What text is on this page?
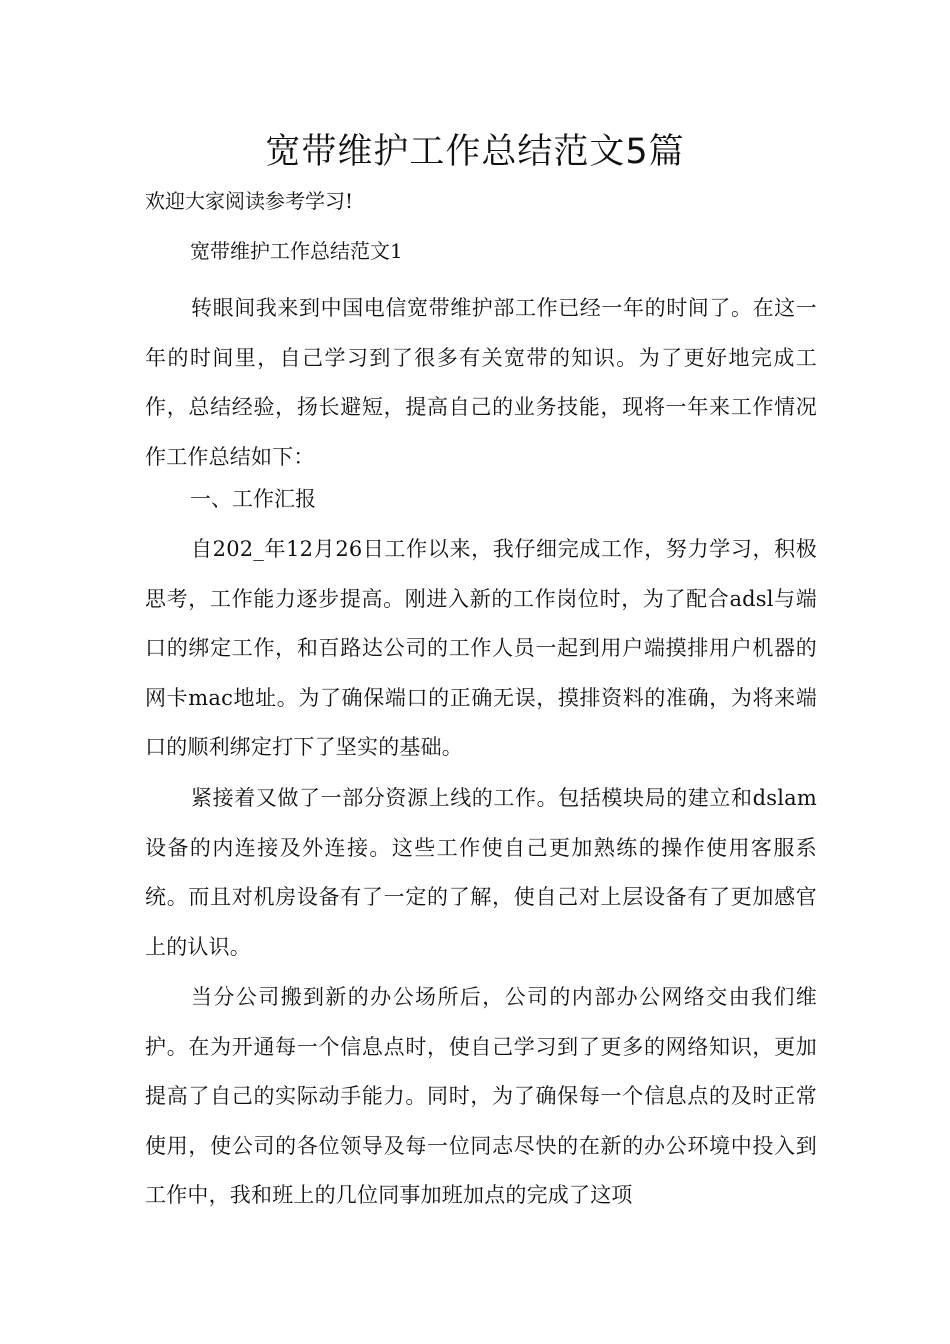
宽带维护工作总结范文5篇

欢迎大家阅读参考学习!

宽带维护工作总结范文1

转眼间我来到中国电信宽带维护部工作已经一年的时间了。在这一年的时间里，自己学习到了很多有关宽带的知识。为了更好地完成工作，总结经验，扬长避短，提高自己的业务技能，现将一年来工作情况作工作总结如下：

一、工作汇报

自202_年12月26日工作以来，我仔细完成工作，努力学习，积极思考，工作能力逐步提高。刚进入新的工作岗位时，为了配合adsl与端口的绑定工作，和百路达公司的工作人员一起到用户端摸排用户机器的网卡mac地址。为了确保端口的正确无误，摸排资料的准确，为将来端口的顺利绑定打下了坚实的基础。

紧接着又做了一部分资源上线的工作。包括模块局的建立和dslam设备的内连接及外连接。这些工作使自己更加熟练的操作使用客服系统。而且对机房设备有了一定的了解，使自己对上层设备有了更加感官上的认识。

当分公司搬到新的办公场所后，公司的内部办公网络交由我们维护。在为开通每一个信息点时，使自己学习到了更多的网络知识，更加提高了自己的实际动手能力。同时，为了确保每一个信息点的及时正常使用，使公司的各位领导及每一位同志尽快的在新的办公环境中投入到工作中，我和班上的几位同事加班加点的完成了这项
